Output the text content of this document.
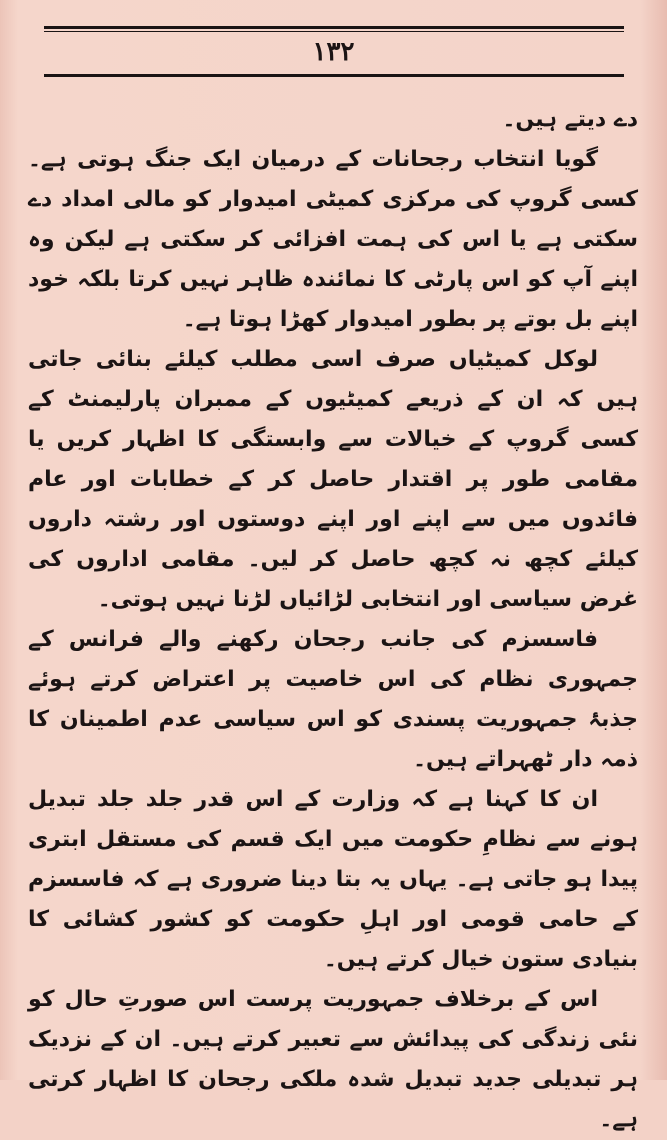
۱۳۲

دے دیتے ہیں۔

گویا انتخاب رجحانات کے درمیان ایک جنگ ہوتی ہے۔ کسی گروپ کی مرکزی کمیٹی امیدوار کو مالی امداد دے سکتی ہے یا اس کی ہمت افزائی کر سکتی ہے لیکن وہ اپنے آپ کو اس پارٹی کا نمائندہ ظاہر نہیں کرتا بلکہ خود اپنے بل بوتے پر بطور امیدوار کھڑا ہوتا ہے۔

لوکل کمیٹیاں صرف اسی مطلب کیلئے بنائی جاتی ہیں کہ ان کے ذریعے کمیٹیوں کے ممبران پارلیمنٹ کے کسی گروپ کے خیالات سے وابستگی کا اظہار کریں یا مقامی طور پر اقتدار حاصل کر کے خطابات اور عام فائدوں میں سے اپنے اور اپنے دوستوں اور رشتہ داروں کیلئے کچھ نہ کچھ حاصل کر لیں۔ مقامی اداروں کی غرض سیاسی اور انتخابی لڑائیاں لڑنا نہیں ہوتی۔

فاسسزم کی جانب رجحان رکھنے والے فرانس کے جمہوری نظام کی اس خاصیت پر اعتراض کرتے ہوئے جذبۂ جمہوریت پسندی کو اس سیاسی عدم اطمینان کا ذمہ دار ٹھہراتے ہیں۔

ان کا کہنا ہے کہ وزارت کے اس قدر جلد جلد تبدیل ہونے سے نظامِ حکومت میں ایک قسم کی مستقل ابتری پیدا ہو جاتی ہے۔ یہاں یہ بتا دینا ضروری ہے کہ فاسسزم کے حامی قومی اور اہلِ حکومت کو کشور کشائی کا بنیادی ستون خیال کرتے ہیں۔

اس کے برخلاف جمہوریت پرست اس صورتِ حال کو نئی زندگی کی پیدائش سے تعبیر کرتے ہیں۔ ان کے نزدیک ہر تبدیلی جدید تبدیل شدہ ملکی رجحان کا اظہار کرتی ہے۔
